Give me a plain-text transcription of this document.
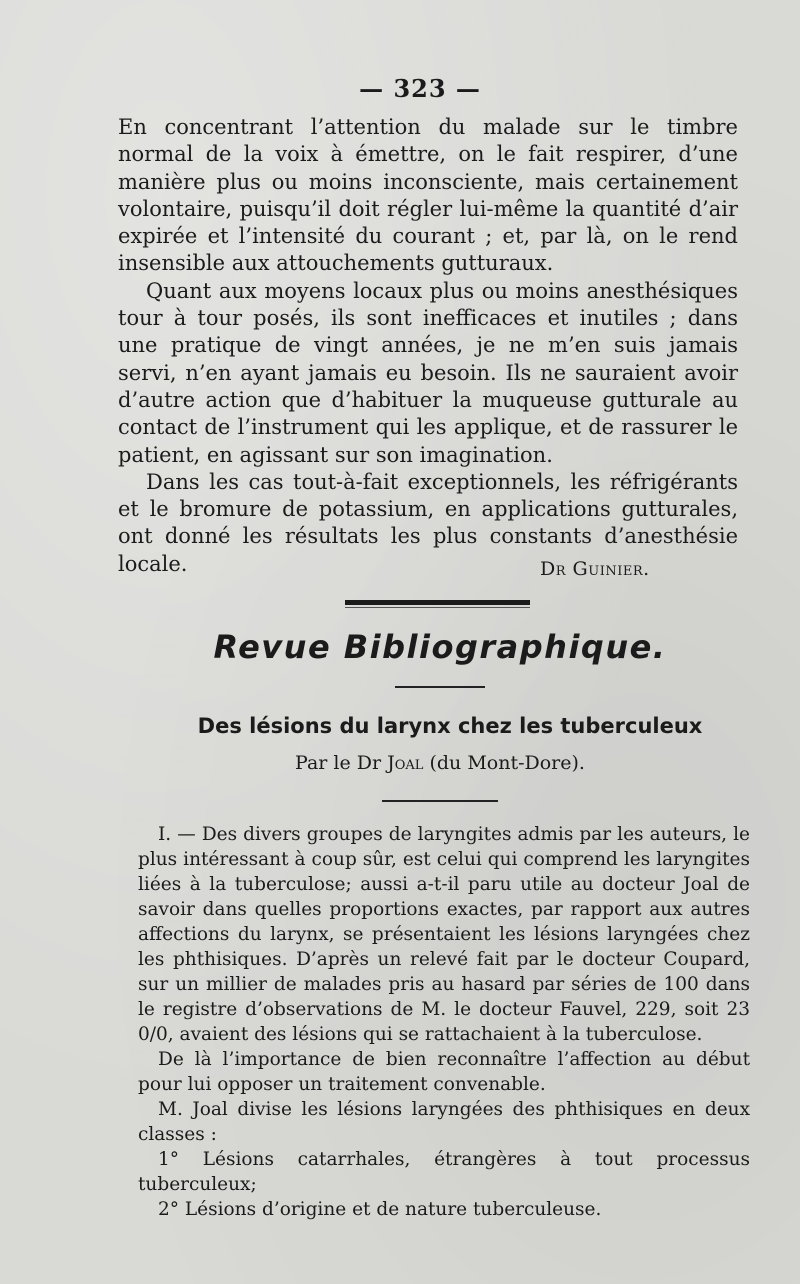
— 323 —

En concentrant l’attention du malade sur le timbre normal de la voix à émettre, on le fait respirer, d’une manière plus ou moins inconsciente, mais certainement volontaire, puisqu’il doit régler lui-même la quantité d’air expirée et l’intensité du courant ; et, par là, on le rend insensible aux attouchements gutturaux.

Quant aux moyens locaux plus ou moins anesthésiques tour à tour posés, ils sont inefficaces et inutiles ; dans une pratique de vingt années, je ne m’en suis jamais servi, n’en ayant jamais eu besoin. Ils ne sauraient avoir d’autre action que d’habituer la muqueuse gutturale au contact de l’instrument qui les applique, et de rassurer le patient, en agissant sur son imagination.

Dans les cas tout-à-fait exceptionnels, les réfrigérants et le bromure de potassium, en applications gutturales, ont donné les résultats les plus constants d’anesthésie locale.	Dr Guinier.
Revue Bibliographique.
Des lésions du larynx chez les tuberculeux
Par le Dr Joal (du Mont-Dore).

I. — Des divers groupes de laryngites admis par les auteurs, le plus intéressant à coup sûr, est celui qui comprend les laryngites liées à la tuberculose; aussi a-t-il paru utile au docteur Joal de savoir dans quelles proportions exactes, par rapport aux autres affections du larynx, se présentaient les lésions laryngées chez les phthisiques. D’après un relevé fait par le docteur Coupard, sur un millier de malades pris au hasard par séries de 100 dans le registre d’observations de M. le docteur Fauvel, 229, soit 23 0/0, avaient des lésions qui se rattachaient à la tuberculose.

De là l’importance de bien reconnaître l’affection au début pour lui opposer un traitement convenable.

M. Joal divise les lésions laryngées des phthisiques en deux classes :

1° Lésions catarrhales, étrangères à tout processus tuberculeux;

2° Lésions d’origine et de nature tuberculeuse.
